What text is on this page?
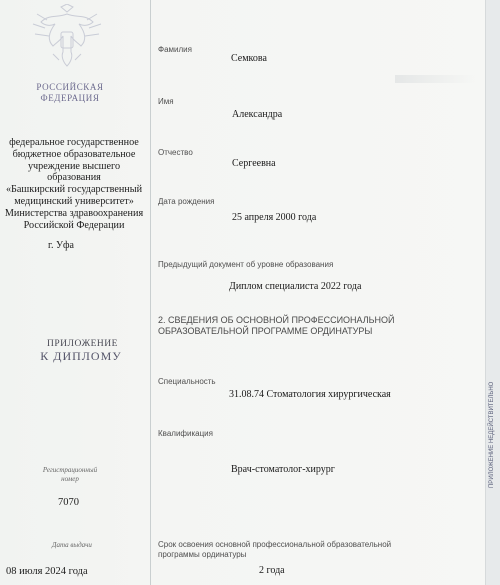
РОССИЙСКАЯ ФЕДЕРАЦИЯ
федеральное государственное
бюджетное образовательное
учреждение высшего образования
«Башкирский государственный
медицинский университет»
Министерства здравоохранения
Российской Федерации
г. Уфа
ПРИЛОЖЕНИЕ
К ДИПЛОМУ
Регистрационный
номер
7070
Дата выдачи
08 июля 2024 года
Фамилия
Семкова
Имя
Александра
Отчество
Сергеевна
Дата рождения
25 апреля 2000 года
Предыдущий документ об уровне образования
Диплом специалиста 2022 года
2. СВЕДЕНИЯ ОБ ОСНОВНОЙ ПРОФЕССИОНАЛЬНОЙ
ОБРАЗОВАТЕЛЬНОЙ ПРОГРАММЕ ОРДИНАТУРЫ
Специальность
31.08.74 Стоматология хирургическая
Квалификация
Врач-стоматолог-хирург
Срок освоения основной профессиональной образовательной
программы ординатуры
2 года
ПРИЛОЖЕНИЕ НЕДЕЙСТВИТЕЛЬНО
